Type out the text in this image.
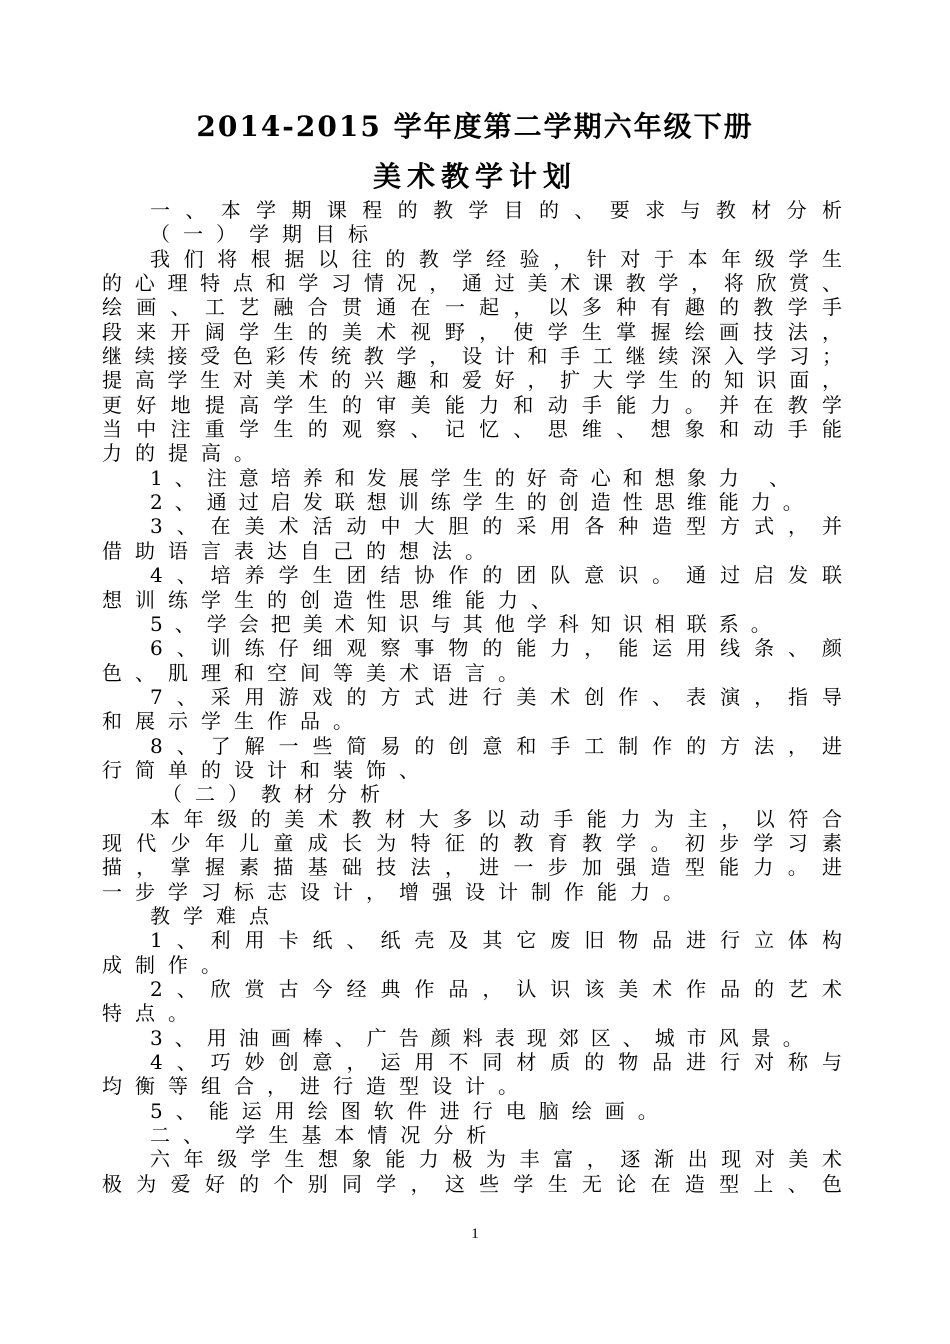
2014-2015 学年度第二学期六年级下册
美术教学计划
一、本学期课程的教学目的、要求与教材分析
（一）学期目标
我们将根据以往的教学经验，针对于本年级学生
的心理特点和学习情况，通过美术课教学，将欣赏、
绘画、工艺融合贯通在一起，以多种有趣的教学手
段来开阔学生的美术视野，使学生掌握绘画技法，
继续接受色彩传统教学，设计和手工继续深入学习；
提高学生对美术的兴趣和爱好，扩大学生的知识面，
更好地提高学生的审美能力和动手能力。并在教学
当中注重学生的观察、记忆、思维、想象和动手能
力的提高。
1、注意培养和发展学生的好奇心和想象力 、
2、通过启发联想训练学生的创造性思维能力。
3、在美术活动中大胆的采用各种造型方式，并
借助语言表达自己的想法。
4、培养学生团结协作的团队意识。通过启发联
想训练学生的创造性思维能力、
5、学会把美术知识与其他学科知识相联系。
6、训练仔细观察事物的能力，能运用线条、颜
色、肌理和空间等美术语言。
7、采用游戏的方式进行美术创作、表演，指导
和展示学生作品。
8、了解一些简易的创意和手工制作的方法，进
行简单的设计和装饰、
（二）教材分析
本年级的美术教材大多以动手能力为主，以符合
现代少年儿童成长为特征的教育教学。初步学习素
描，掌握素描基础技法，进一步加强造型能力。进
一步学习标志设计，增强设计制作能力。
教学难点
1、利用卡纸、纸壳及其它废旧物品进行立体构
成制作。
2、欣赏古今经典作品，认识该美术作品的艺术
特点。
3、用油画棒、广告颜料表现郊区、城市风景。
4、巧妙创意，运用不同材质的物品进行对称与
均衡等组合，进行造型设计。
5、能运用绘图软件进行电脑绘画。
二、 学生基本情况分析
六年级学生想象能力极为丰富，逐渐出现对美术
极为爱好的个别同学，这些学生无论在造型上、色
1
